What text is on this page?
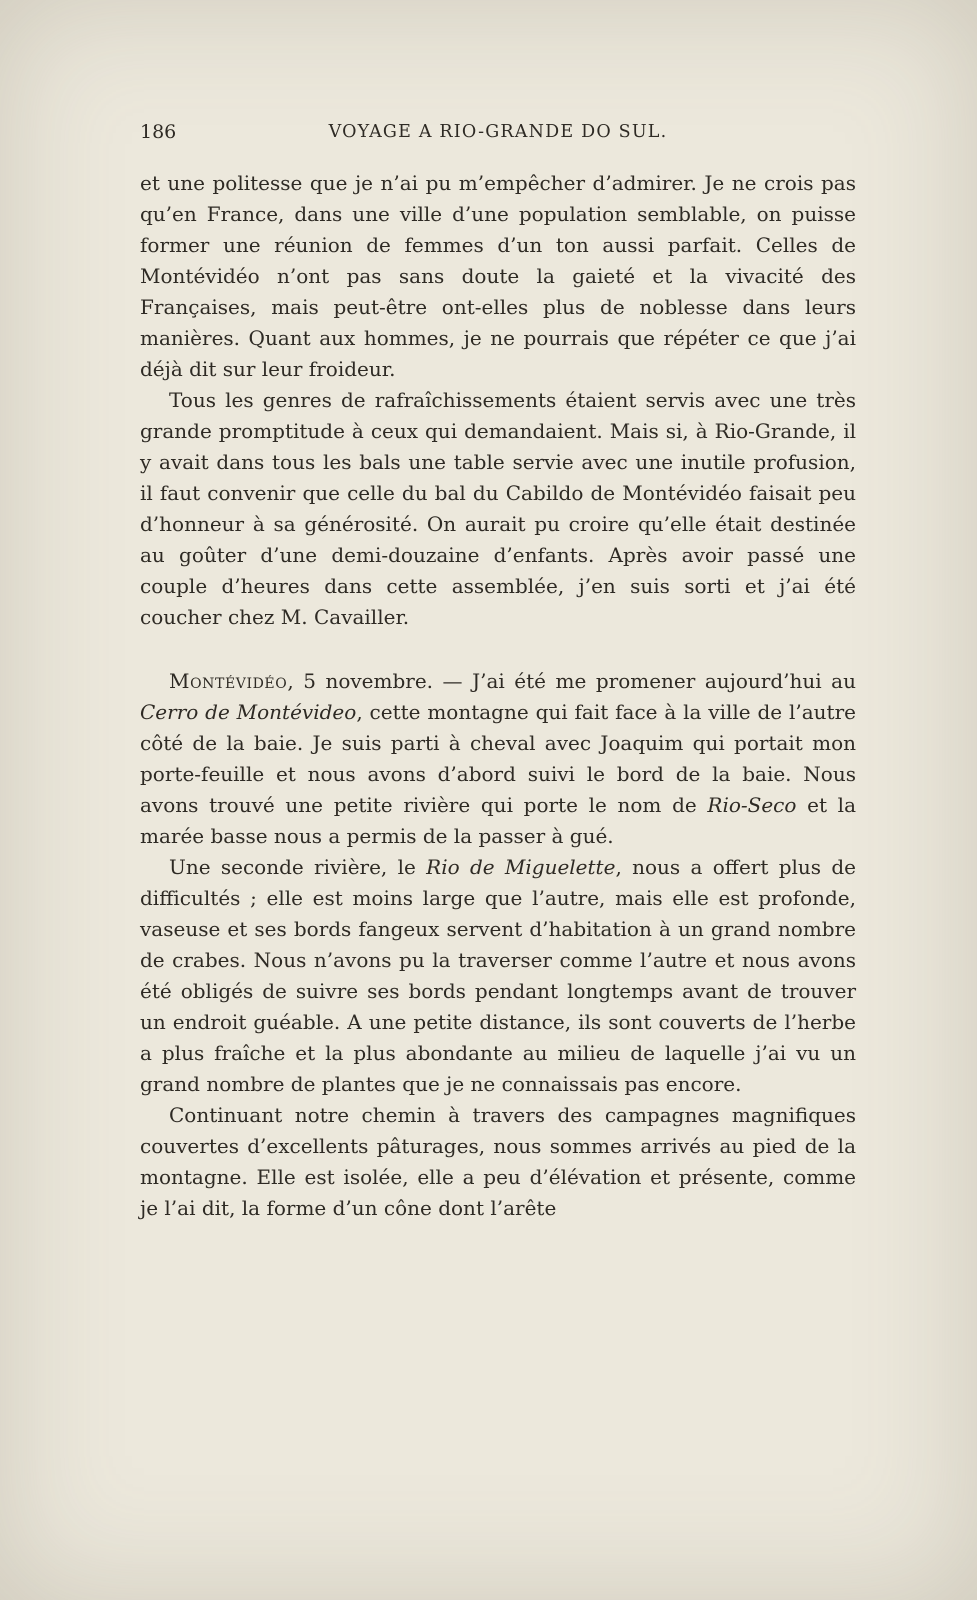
186	VOYAGE A RIO-GRANDE DO SUL.

et une politesse que je n’ai pu m’empêcher d’admirer. Je ne crois pas qu’en France, dans une ville d’une population semblable, on puisse former une réunion de femmes d’un ton aussi parfait. Celles de Montévidéo n’ont pas sans doute la gaieté et la vivacité des Françaises, mais peut-être ont-elles plus de noblesse dans leurs manières. Quant aux hommes, je ne pourrais que répéter ce que j’ai déjà dit sur leur froideur.

Tous les genres de rafraîchissements étaient servis avec une très grande promptitude à ceux qui demandaient. Mais si, à Rio-Grande, il y avait dans tous les bals une table servie avec une inutile profusion, il faut convenir que celle du bal du Cabildo de Montévidéo faisait peu d’honneur à sa générosité. On aurait pu croire qu’elle était destinée au goûter d’une demi-douzaine d’enfants. Après avoir passé une couple d’heures dans cette assemblée, j’en suis sorti et j’ai été coucher chez M. Cavailler.

Montévidéo, 5 novembre. — J’ai été me promener aujourd’hui au Cerro de Montévideo, cette montagne qui fait face à la ville de l’autre côté de la baie. Je suis parti à cheval avec Joaquim qui portait mon porte-feuille et nous avons d’abord suivi le bord de la baie. Nous avons trouvé une petite rivière qui porte le nom de Rio-Seco et la marée basse nous a permis de la passer à gué.

Une seconde rivière, le Rio de Miguelette, nous a offert plus de difficultés ; elle est moins large que l’autre, mais elle est profonde, vaseuse et ses bords fangeux servent d’habitation à un grand nombre de crabes. Nous n’avons pu la traverser comme l’autre et nous avons été obligés de suivre ses bords pendant longtemps avant de trouver un endroit guéable. A une petite distance, ils sont couverts de l’herbe a plus fraîche et la plus abondante au milieu de laquelle j’ai vu un grand nombre de plantes que je ne connaissais pas encore.

Continuant notre chemin à travers des campagnes magnifiques couvertes d’excellents pâturages, nous sommes arrivés au pied de la montagne. Elle est isolée, elle a peu d’élévation et présente, comme je l’ai dit, la forme d’un cône dont l’arête
